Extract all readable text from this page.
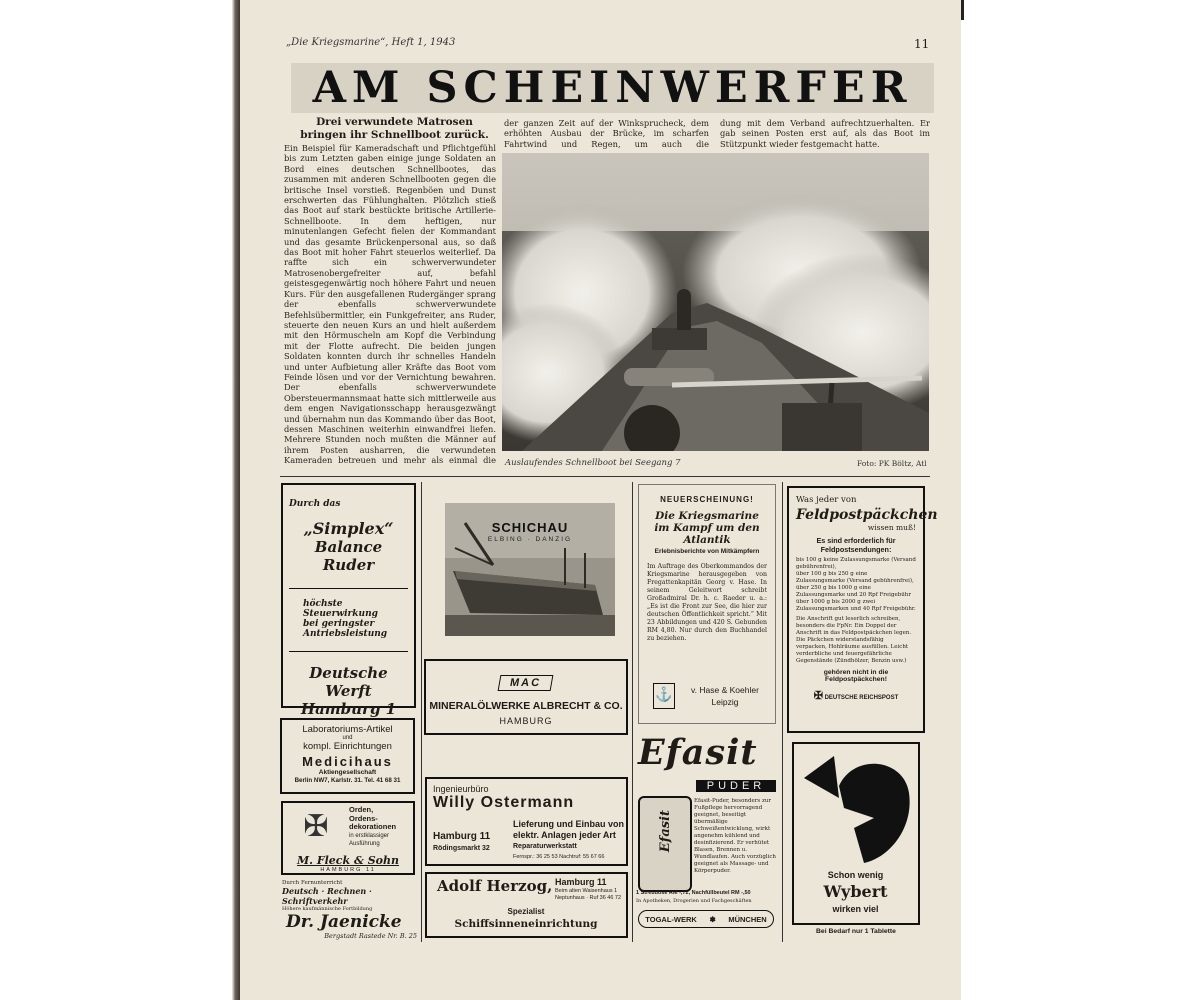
„Die Kriegsmarine“, Heft 1, 1943	11
AM SCHEINWERFER
Drei verwundete Matrosen bringen ihr Schnellboot zurück.

Ein Beispiel für Kameradschaft und Pflichtgefühl bis zum Letzten gaben einige junge Soldaten an Bord eines deutschen Schnellbootes, das zusammen mit anderen Schnellbooten gegen die britische Insel vorstieß. Regenböen und Dunst erschwerten das Fühlunghalten. Plötzlich stieß das Boot auf stark bestückte britische Artillerie-Schnellboote. In dem heftigen, nur minutenlangen Gefecht fielen der Kommandant und das gesamte Brückenpersonal aus, so daß das Boot mit hoher Fahrt steuerlos weiterlief. Da raffte sich ein schwerverwundeter Matrosenobergefreiter auf, befahl geistesgegenwärtig noch höhere Fahrt und neuen Kurs. Für den ausgefallenen Rudergänger sprang der ebenfalls schwerverwundete Befehlsübermittler, ein Funkgefreiter, ans Ruder, steuerte den neuen Kurs an und hielt außerdem mit den Hörmuscheln am Kopf die Verbindung mit der Flotte aufrecht. Die beiden jungen Soldaten konnten durch ihr schnelles Handeln und unter Aufbietung aller Kräfte das Boot vom Feinde lösen und vor der Vernichtung bewahren. Der ebenfalls schwerverwundete Obersteuermannsmaat hatte sich mittlerweile aus dem engen Navigationsschapp herausgezwängt und übernahm nun das Kommando über das Boot, dessen Maschinen weiterhin einwandfrei liefen. Mehrere Stunden noch mußten die Männer auf ihrem Posten ausharren, die verwundeten Kameraden betreuen und mehr als einmal die

der ganzen Zeit auf der Winksprucheck, dem erhöhten Ausbau der Brücke, im scharfen Fahrtwind und Regen, um auch die

dung mit dem Verband aufrechtzuerhalten. Er gab seinen Posten erst auf, als das Boot im Stützpunkt wieder festgemacht hatte.

Auslaufendes Schnellboot bei Seegang 7	Foto: PK Böltz, Atl
Durch das
„Simplex“
Balance Ruder
höchste Steuerwirkung
bei geringster
Antriebsleistung
Deutsche Werft
Hamburg 1
SCHICHAU
ELBING · DANZIG
MAC
MINERALÖLWERKE ALBRECHT & CO.
HAMBURG
NEUERSCHEINUNG!
Die Kriegsmarine im Kampf um den Atlantik
Erlebnisberichte von Mitkämpfern
Im Auftrage des Oberkommandos der Kriegsmarine herausgegeben von Fregattenkapitän Georg v. Hase. In seinem Geleitwort schreibt Großadmiral Dr. h. c. Raeder u. a.: „Es ist die Front zur See, die hier zur deutschen Öffentlichkeit spricht.“ Mit 23 Abbildungen und 420 S. Gebunden RM 4,80. Nur durch den Buchhandel zu beziehen.
⚓	v. Hase & Koehler
Leipzig
Was jeder von
Feldpostpäckchen
wissen muß!
Es sind erforderlich für Feldpostsendungen:
bis 100 g keine Zulassungsmarke (Versand gebührenfrei),
über 100 g bis 250 g eine Zulassungsmarke (Versand gebührenfrei),
über 250 g bis 1000 g eine Zulassungsmarke und 20 Rpf Freigebühr
über 1000 g bis 2000 g zwei Zulassungsmarken und 40 Rpf Freigebühr.
Die Anschrift gut leserlich schreiben, besonders die FpNr. Ein Doppel der Anschrift in das Feldpostpäckchen legen. Die Päckchen widerstandsfähig verpacken, Hohlräume ausfüllen. Leicht verderbliche und feuergefährliche Gegenstände (Zündhölzer, Benzin usw.)
gehören nicht in die Feldpostpäckchen!
✠ DEUTSCHE REICHSPOST
Laboratoriums-Artikel
und
kompl. Einrichtungen
Medicihaus
Aktiengesellschaft
Berlin NW7, Karlstr. 31. Tel. 41 68 31
✠	Orden,
Ordens-
dekorationen
in erstklassiger
Ausführung
M. Fleck & Sohn
HAMBURG 11
Durch Fernunterricht
Deutsch · Rechnen · Schriftverkehr
Höhere kaufmännische Fortbildung
Dr. Jaenicke
Bergstadt Rastede Nr. B. 25
Ingenieurbüro
Willy Ostermann
Hamburg 11
Rödingsmarkt 32
Lieferung und Einbau von
elektr. Anlagen jeder Art
Reparaturwerkstatt
Fernspr.: 36 25 53 Nachtruf: 55 67 66
Adolf Herzog, Hamburg 11
Beim alten Waisenhaus 1
Neptunhaus · Ruf 36 46 72
Spezialist
Schiffsinneneinrichtung
Efasit
PUDER
Efasit
Efasit-Puder, besonders zur Fußpflege hervorragend geeignet, beseitigt übermäßige Schweißentwicklung, wirkt angenehm kühlend und desinfizierend. Er verhütet Blasen, Brennen u. Wundlaufen. Auch vorzüglich geeignet als Massage- und Körperpuder.
1 Streudose RM -,72, Nachfüllbeutel RM -,50
In Apotheken, Drogerien und Fachgeschäften
TOGAL-WERK ✽ MÜNCHEN
Schon wenig
Wybert
wirken viel
Bei Bedarf nur 1 Tablette
